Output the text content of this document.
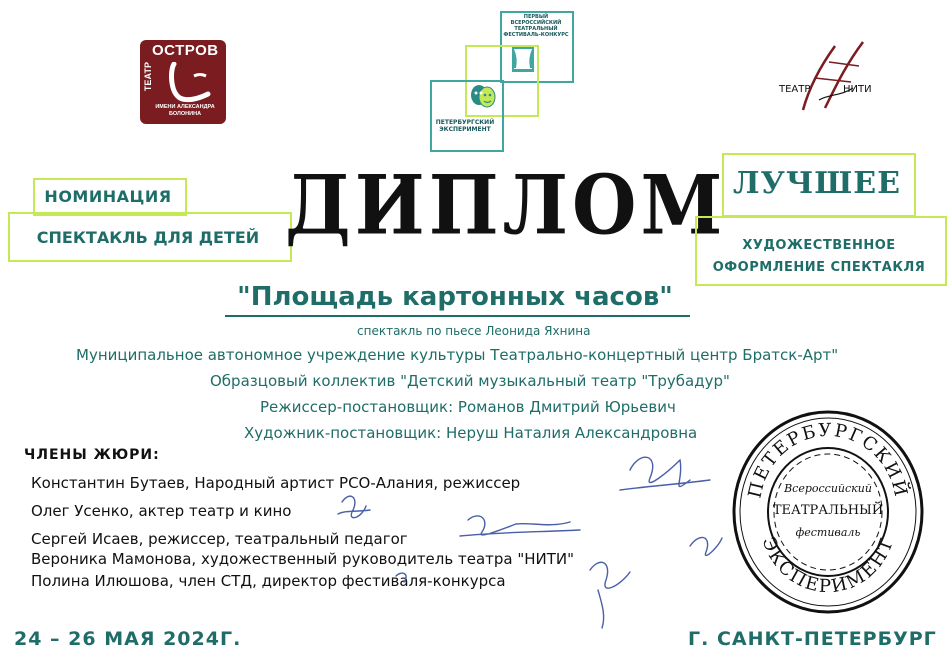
ОСТРОВ
ТЕАТР
ИМЕНИ АЛЕКСАНДРА БОЛОНИНА
ПЕРВЫЙ ВСЕРОССИЙСКИЙ ТЕАТРАЛЬНЫЙ ФЕСТИВАЛЬ-КОНКУРС
ПЕТЕРБУРГСКИЙ ЭКСПЕРИМЕНТ
ТЕАТР	НИТИ
НОМИНАЦИЯ
СПЕКТАКЛЬ ДЛЯ ДЕТЕЙ ДИПЛОМ ЛУЧШЕЕ
ХУДОЖЕСТВЕННОЕ
ОФОРМЛЕНИЕ СПЕКТАКЛЯ
"Площадь картонных часов"
спектакль по пьесе Леонида Яхнина
Муниципальное автономное учреждение культуры Театрально-концертный центр Братск-Арт"
Образцовый коллектив "Детский музыкальный театр "Трубадур"
Режиссер-постановщик: Романов Дмитрий Юрьевич
Художник-постановщик: Неруш Наталия Александровна
ЧЛЕНЫ ЖЮРИ:
Константин Бутаев, Народный артист РСО-Алания, режиссер
Олег Усенко, актер театр и кино
Сергей Исаев, режиссер, театральный педагог
Вероника Мамонова, художественный руководитель театра "НИТИ"
Полина Илюшова, член СТД, директор фестиваля-конкурса
ПЕТЕРБУРГСКИЙ
ЭКСПЕРИМЕНТ
Всероссийский
ТЕАТРАЛЬНЫЙ
фестиваль
24 – 26 МАЯ 2024Г.	Г. САНКТ-ПЕТЕРБУРГ
